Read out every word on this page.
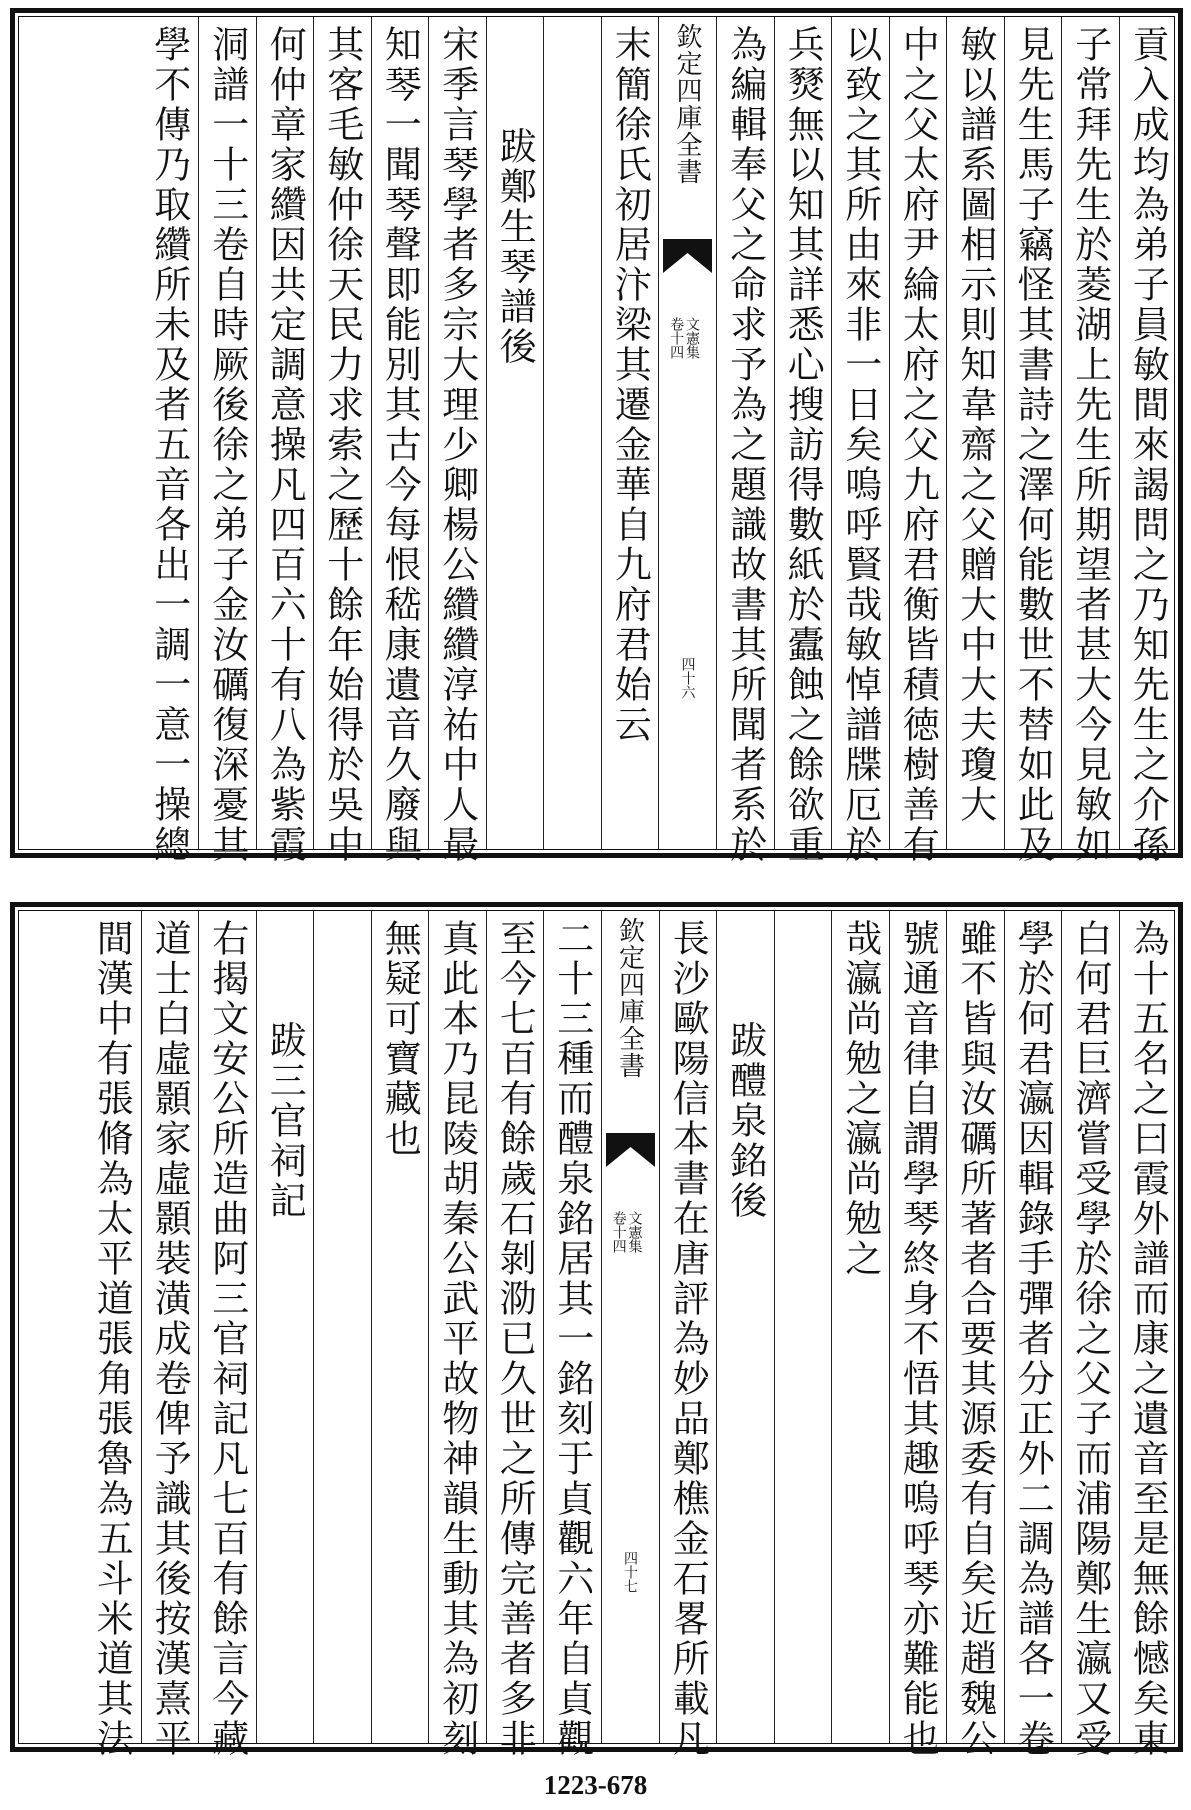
貢入成均為弟子員敏間來謁問之乃知先生之介孫
子常拜先生於菱湖上先生所期望者甚大今見敏如
見先生馬子竊怪其書詩之澤何能數世不替如此及
敏以譜系圖相示則知韋齋之父贈大中大夫瓊大
中之父太府尹綸太府之父九府君衡皆積徳樹善有
以致之其所由來非一日矣嗚呼賢哉敏悼譜牒厄於
兵燹無以知其詳悉心搜訪得數紙於蠹蝕之餘欲重
為編輯奉父之命求予為之題識故書其所聞者系於
欽定四庫全書
文憲集
卷十四
四十六
末簡徐氏初居汴梁其遷金華自九府君始云
跋鄭生琴譜後
宋季言琴學者多宗大理少卿楊公纘纘淳祐中人最
知琴一聞琴聲即能別其古今每恨嵇康遺音久廢與
其客毛敏仲徐天民力求索之歷十餘年始得於吳中
何仲章家纘因共定調意操凡四百六十有八為紫霞
洞譜一十三卷自時厥後徐之弟子金汝礪復深憂其
學不傳乃取纘所未及者五音各出一調一意一操總
為十五名之曰霞外譜而康之遺音至是無餘憾矣東
白何君巨濟嘗受學於徐之父子而浦陽鄭生瀛又受
學於何君瀛因輯錄手彈者分正外二調為譜各一卷
雖不皆與汝礪所著者合要其源委有自矣近趙魏公
號通音律自謂學琴終身不悟其趣嗚呼琴亦難能也
哉瀛尚勉之瀛尚勉之
跋醴泉銘後
長沙歐陽信本書在唐評為妙品鄭樵金石畧所載凡
欽定四庫全書
文憲集
卷十四
四十七
二十三種而醴泉銘居其一銘刻于貞觀六年自貞觀
至今七百有餘歲石剝泐已久世之所傳完善者多非
真此本乃昆陵胡秦公武平故物神韻生動其為初刻
無疑可寶藏也
跋三官祠記
右揭文安公所造曲阿三官祠記凡七百有餘言今藏
道士白虛顥家虛顥裝潢成卷俾予識其後按漢熹平
間漢中有張脩為太平道張角張魯為五斗米道其法
1223-678
